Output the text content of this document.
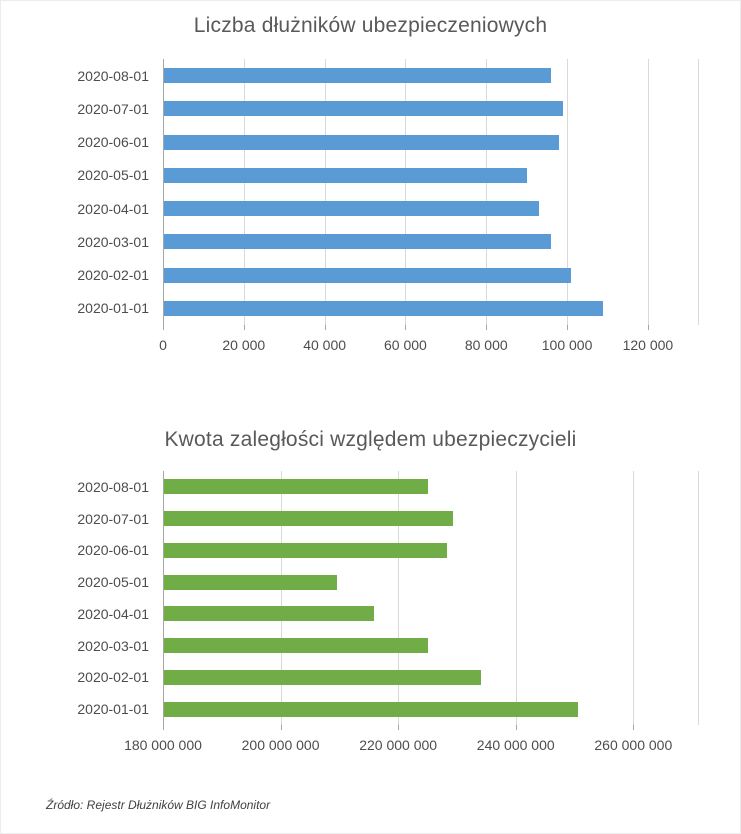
Liczba dłużników ubezpieczeniowych
0	20 000	40 000	60 000	80 000	100 000	120 000
2020-08-01
2020-07-01
2020-06-01
2020-05-01
2020-04-01
2020-03-01
2020-02-01
2020-01-01
Kwota zaległości względem ubezpieczycieli
180 000 000	200 000 000	220 000 000	240 000 000	260 000 000
2020-08-01
2020-07-01
2020-06-01
2020-05-01
2020-04-01
2020-03-01
2020-02-01
2020-01-01
Źródło: Rejestr Dłużników BIG InfoMonitor
